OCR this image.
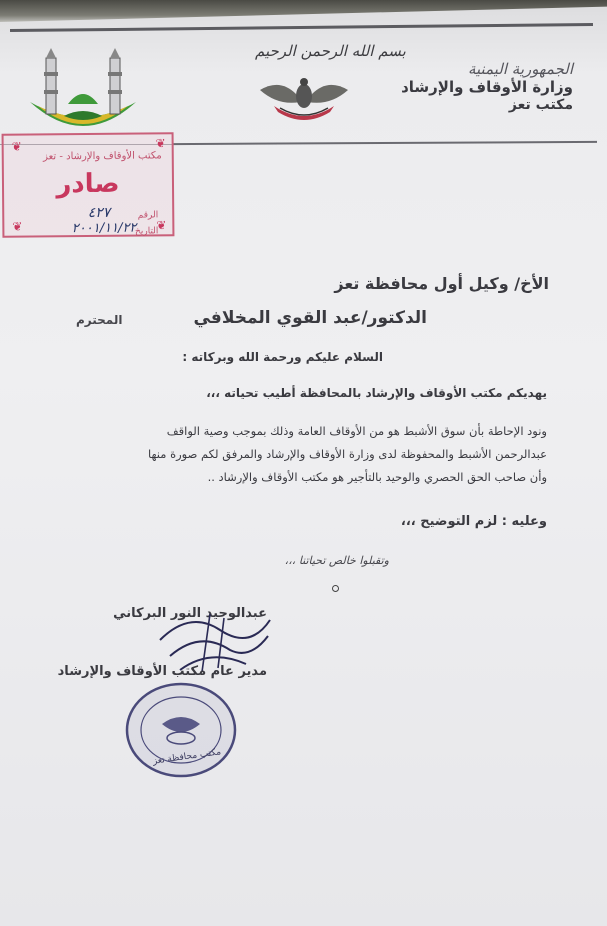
بسم الله الرحمن الرحيم
الجمهورية اليمنية
وزارة الأوقاف والإرشاد
مكتب تعز
❦	❦
❦	❦
مكتب الأوقاف والإرشاد - تعز
صادر
الرقم
٤٢٧
التاريخ
٢٠٠١/١١/٢٢
الأخ/ وكيل أول محافظة تعز
الدكتور/عبد القوي المخلافي
المحترم
السلام عليكم ورحمة الله وبركاته :
يهديكم مكتب الأوقاف والإرشاد بالمحافظة أطيب تحياته ،،،
ونود الإحاطة بأن سوق الأشبط هو من الأوقاف العامة وذلك بموجب وصية الواقف
عبدالرحمن الأشبط والمحفوظة لدى وزارة الأوقاف والإرشاد والمرفق لكم صورة منها
وأن صاحب الحق الحصري والوحيد بالتأجير هو مكتب الأوقاف والإرشاد ..
وعليه : لزم التوضيح ،،،
وتقبلوا خالص تحياتنا ،،،
عبدالوحيد النور البركاني
مدير عام مكتب الأوقاف والإرشاد
مكتب محافظة تعز
